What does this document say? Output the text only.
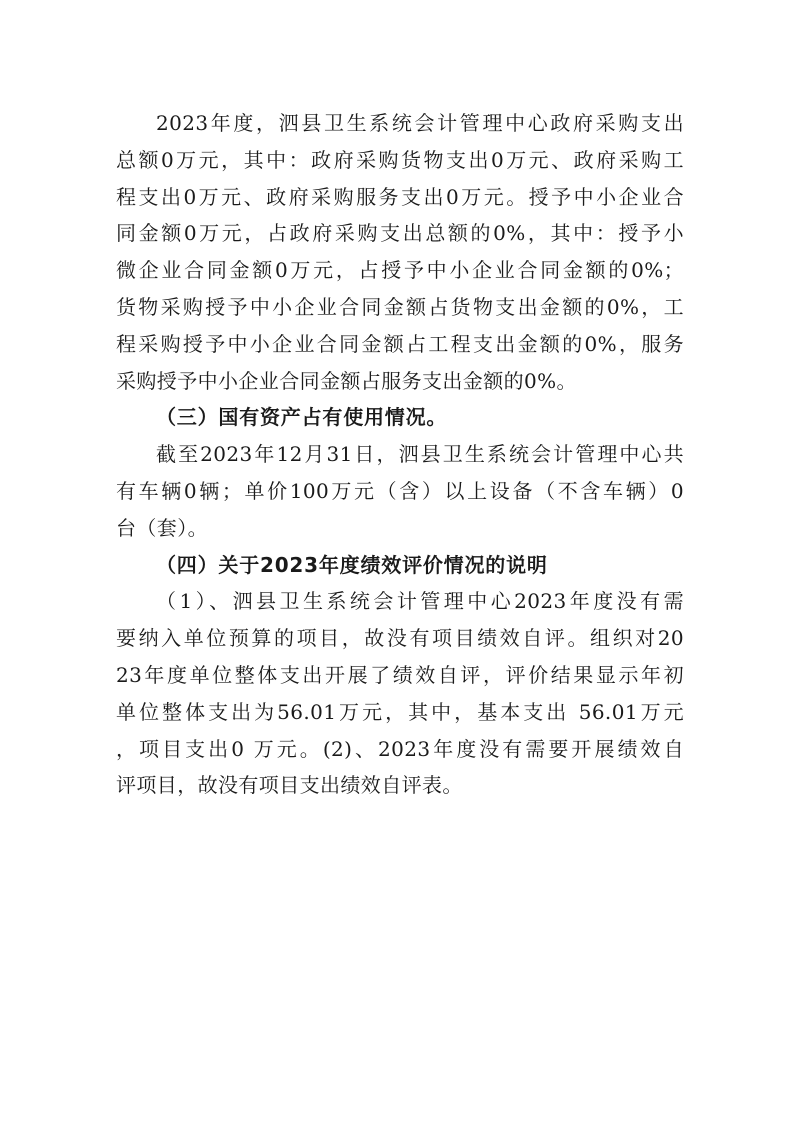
2023年度，泗县卫生系统会计管理中心政府采购支出
总额0万元，其中：政府采购货物支出0万元、政府采购工
程支出0万元、政府采购服务支出0万元。授予中小企业合
同金额0万元，占政府采购支出总额的0%，其中：授予小
微企业合同金额0万元，占授予中小企业合同金额的0%；
货物采购授予中小企业合同金额占货物支出金额的0%，工
程采购授予中小企业合同金额占工程支出金额的0%，服务
采购授予中小企业合同金额占服务支出金额的0%。
（三）国有资产占有使用情况。
截至2023年12月31日，泗县卫生系统会计管理中心共
有车辆0辆；单价100万元（含）以上设备（不含车辆）0
台（套）。
（四）关于2023年度绩效评价情况的说明
（1）、泗县卫生系统会计管理中心2023年度没有需
要纳入单位预算的项目，故没有项目绩效自评。组织对20
23年度单位整体支出开展了绩效自评，评价结果显示年初
单位整体支出为56.01万元，其中，基本支出 56.01万元
，项目支出0 万元。(2)、2023年度没有需要开展绩效自
评项目，故没有项目支出绩效自评表。
